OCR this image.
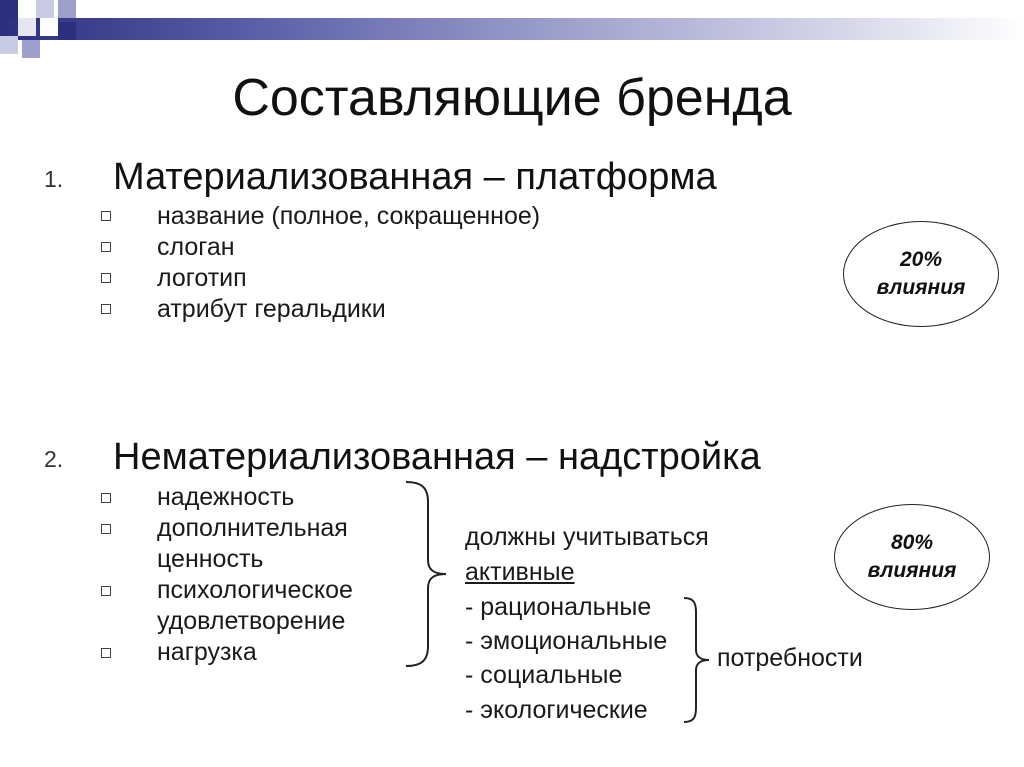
Составляющие бренда
1. Материализованная – платформа
название (полное, сокращенное)
слоган
логотип
атрибут геральдики
20%
влияния
2. Нематериализованная – надстройка
надежность
дополнительная
ценность
психологическое
удовлетворение
нагрузка
должны учитываться
активные
- рациональные
- эмоциональные
- социальные
- экологические
потребности
80%
влияния
